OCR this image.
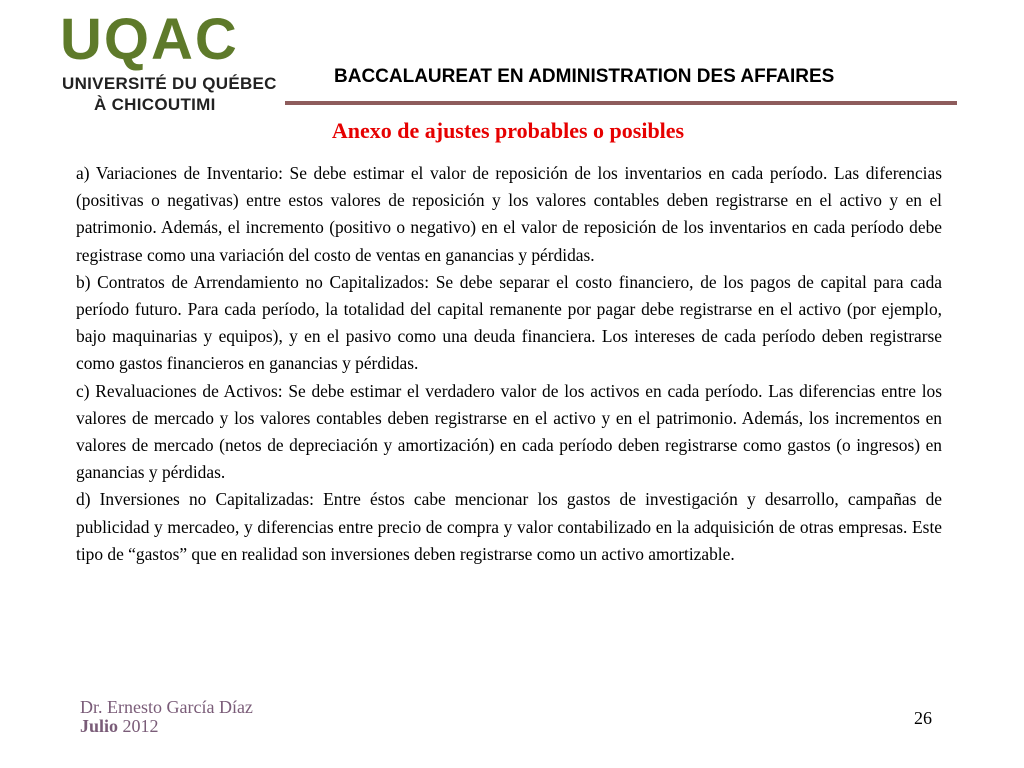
UQAC
UNIVERSITÉ DU QUÉBEC
À CHICOUTIMI
BACCALAUREAT EN ADMINISTRATION DES AFFAIRES
Anexo de ajustes probables o posibles

a) Variaciones de Inventario: Se debe estimar el valor de reposición de los inventarios en cada período. Las diferencias (positivas o negativas) entre estos valores de reposición y los valores contables deben registrarse en el activo y en el patrimonio. Además, el incremento (positivo o negativo) en el valor de reposición de los inventarios en cada período debe registrase como una variación del costo de ventas en ganancias y pérdidas.

b) Contratos de Arrendamiento no Capitalizados: Se debe separar el costo financiero, de los pagos de capital para cada período futuro. Para cada período, la totalidad del capital remanente por pagar debe registrarse en el activo (por ejemplo, bajo maquinarias y equipos), y en el pasivo como una deuda financiera. Los intereses de cada período deben registrarse como gastos financieros en ganancias y pérdidas.

c) Revaluaciones de Activos: Se debe estimar el verdadero valor de los activos en cada período. Las diferencias entre los valores de mercado y los valores contables deben registrarse en el activo y en el patrimonio. Además, los incrementos en valores de mercado (netos de depreciación y amortización) en cada período deben registrarse como gastos (o ingresos) en ganancias y pérdidas.

d) Inversiones no Capitalizadas: Entre éstos cabe mencionar los gastos de investigación y desarrollo, campañas de publicidad y mercadeo, y diferencias entre precio de compra y valor contabilizado en la adquisición de otras empresas. Este tipo de “gastos” que en realidad son inversiones deben registrarse como un activo amortizable.

Dr. Ernesto García Díaz
Julio 2012	26
